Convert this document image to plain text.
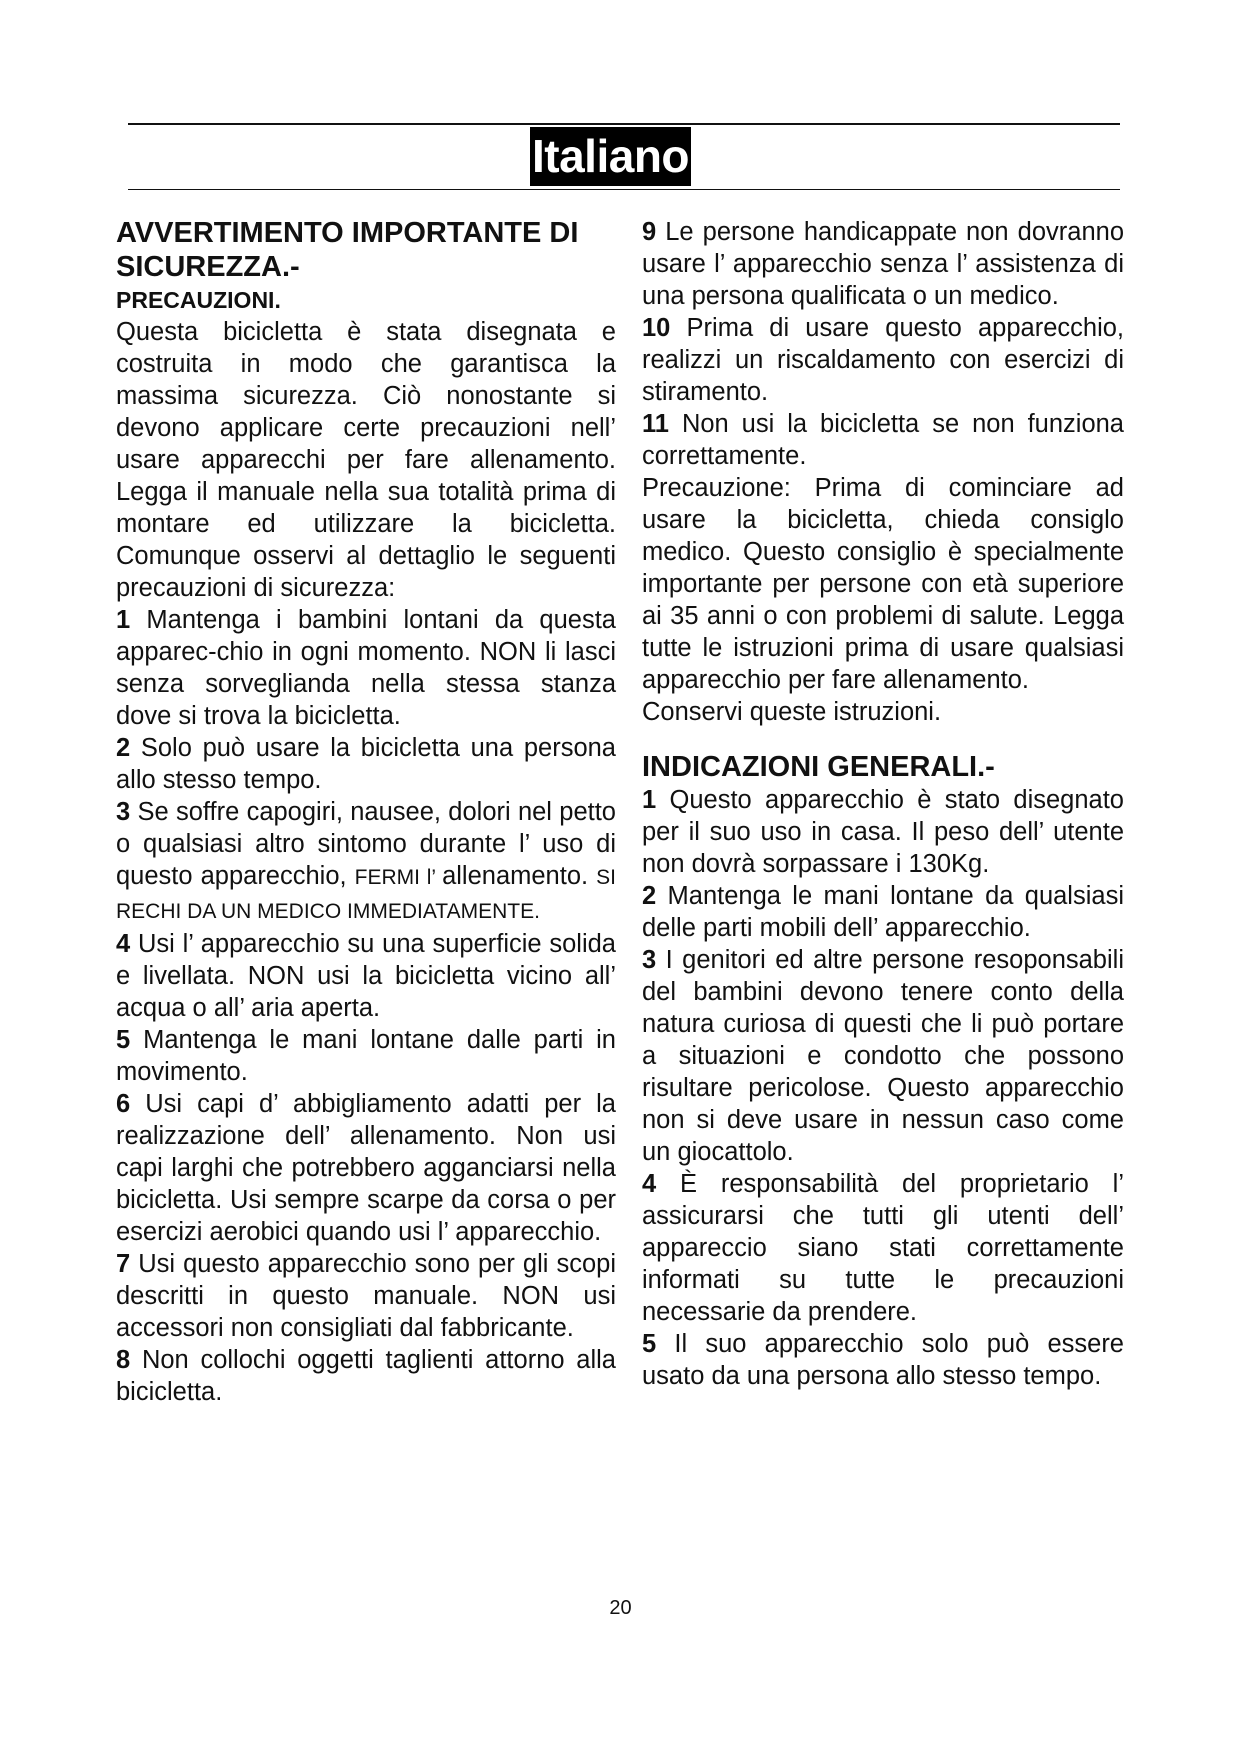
Italiano
AVVERTIMENTO IMPORTANTE DI SICUREZZA.-
PRECAUZIONI.

Questa bicicletta è stata disegnata e costruita in modo che garantisca la massima sicurezza. Ciò nonostante si devono applicare certe precauzioni nell’ usare apparecchi per fare allenamento. Legga il manuale nella sua totalità prima di montare ed utilizzare la bicicletta. Comunque osservi al dettaglio le seguenti precauzioni di sicurezza:

1 Mantenga i bambini lontani da questa apparec-chio in ogni momento. NON li lasci senza sorveglianda nella stessa stanza dove si trova la bicicletta.

2 Solo può usare la bicicletta una persona allo stesso tempo.

3 Se soffre capogiri, nausee, dolori nel petto o qualsiasi altro sintomo durante l’ uso di questo apparecchio, FERMI l’ allenamento. SI RECHI DA UN MEDICO IMMEDIATAMENTE.

4 Usi l’ apparecchio su una superficie solida e livellata. NON usi la bicicletta vicino all’ acqua o all’ aria aperta.

5 Mantenga le mani lontane dalle parti in movimento.

6 Usi capi d’ abbigliamento adatti per la realizzazione dell’ allenamento. Non usi capi larghi che potrebbero agganciarsi nella bicicletta. Usi sempre scarpe da corsa o per esercizi aerobici quando usi l’ apparecchio.

7 Usi questo apparecchio sono per gli scopi descritti in questo manuale. NON usi accessori non consigliati dal fabbricante.

8 Non collochi oggetti taglienti attorno alla bicicletta.

9 Le persone handicappate non dovranno usare l’ apparecchio senza l’ assistenza di una persona qualificata o un medico.

10 Prima di usare questo apparecchio, realizzi un riscaldamento con esercizi di stiramento.

11 Non usi la bicicletta se non funziona correttamente.

Precauzione: Prima di cominciare ad usare la bicicletta, chieda consiglo medico. Questo consiglio è specialmente importante per persone con età superiore ai 35 anni o con problemi di salute. Legga tutte le istruzioni prima di usare qualsiasi apparecchio per fare allenamento.

Conservi queste istruzioni.

INDICAZIONI GENERALI.-

1 Questo apparecchio è stato disegnato per il suo uso in casa. Il peso dell’ utente non dovrà sorpassare i 130Kg.

2 Mantenga le mani lontane da qualsiasi delle parti mobili dell’ apparecchio.

3 I genitori ed altre persone resoponsabili del bambini devono tenere conto della natura curiosa di questi che li può portare a situazioni e condotto che possono risultare pericolose. Questo apparecchio non si deve usare in nessun caso come un giocattolo.

4 È responsabilità del proprietario l’ assicurarsi che tutti gli utenti dell’ appareccio siano stati correttamente informati su tutte le precauzioni necessarie da prendere.

5 Il suo apparecchio solo può essere usato da una persona allo stesso tempo.

20
